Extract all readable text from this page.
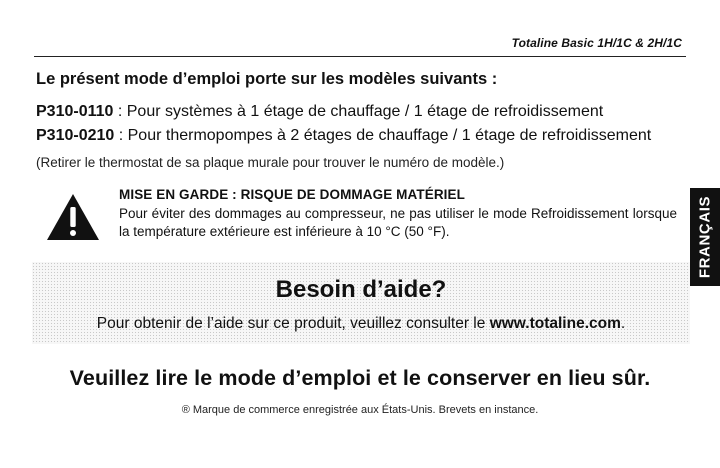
Totaline Basic 1H/1C & 2H/1C
Le présent mode d’emploi porte sur les modèles suivants :
P310-0110 : Pour systèmes à 1 étage de chauffage / 1 étage de refroidissement
P310-0210 : Pour thermopompes à 2 étages de chauffage / 1 étage de refroidissement
(Retirer le thermostat de sa plaque murale pour trouver le numéro de modèle.)
MISE EN GARDE : RISQUE DE DOMMAGE MATÉRIEL
Pour éviter des dommages au compresseur, ne pas utiliser le mode Refroidissement lorsque la température extérieure est inférieure à 10 °C (50 °F).
Besoin d’aide?
Pour obtenir de l’aide sur ce produit, veuillez consulter le www.totaline.com.
Veuillez lire le mode d’emploi et le conserver en lieu sûr.
® Marque de commerce enregistrée aux États-Unis. Brevets en instance.
FRANÇAIS
